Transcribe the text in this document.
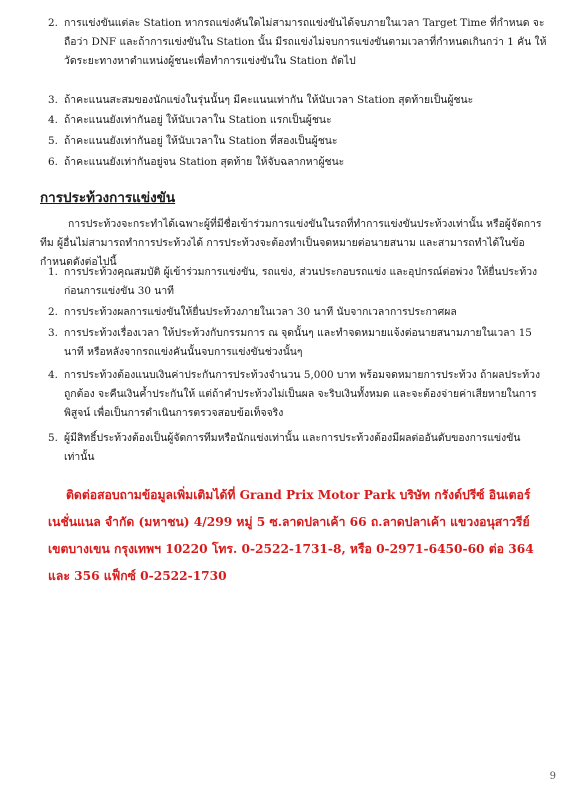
2. การแข่งขันแต่ละ Station หากรถแข่งคันใดไม่สามารถแข่งขันได้จบภายในเวลา Target Time ที่กำหนด จะถือว่า DNF และถ้าการแข่งขันใน Station นั้น มีรถแข่งไม่จบการแข่งขันตามเวลาที่กำหนดเกินกว่า 1 คัน ให้วัดระยะทางหาตำแหน่งผู้ชนะเพื่อทำการแข่งขันใน Station ถัดไป
3. ถ้าคะแนนสะสมของนักแข่งในรุ่นนั้นๆ มีคะแนนเท่ากัน ให้นับเวลา Station สุดท้ายเป็นผู้ชนะ
4. ถ้าคะแนนยังเท่ากันอยู่ ให้นับเวลาใน Station แรกเป็นผู้ชนะ
5. ถ้าคะแนนยังเท่ากันอยู่ ให้นับเวลาใน Station ที่สองเป็นผู้ชนะ
6. ถ้าคะแนนยังเท่ากันอยู่จน Station สุดท้าย ให้จับฉลากหาผู้ชนะ
การประท้วงการแข่งขัน

การประท้วงจะกระทำได้เฉพาะผู้ที่มีชื่อเข้าร่วมการแข่งขันในรถที่ทำการแข่งขันประท้วงเท่านั้น หรือผู้จัดการทีม ผู้อื่นไม่สามารถทำการประท้วงได้ การประท้วงจะต้องทำเป็นจดหมายต่อนายสนาม และสามารถทำได้ในข้อกำหนดดังต่อไปนี้

1. การประท้วงคุณสมบัติ ผู้เข้าร่วมการแข่งขัน, รถแข่ง, ส่วนประกอบรถแข่ง และอุปกรณ์ต่อพ่วง ให้ยื่นประท้วงก่อนการแข่งขัน 30 นาที
2. การประท้วงผลการแข่งขันให้ยื่นประท้วงภายในเวลา 30 นาที นับจากเวลาการประกาศผล
3. การประท้วงเรื่องเวลา ให้ประท้วงกับกรรมการ ณ จุดนั้นๆ และทำจดหมายแจ้งต่อนายสนามภายในเวลา 15 นาที หรือหลังจากรถแข่งคันนั้นจบการแข่งขันช่วงนั้นๆ
4. การประท้วงต้องแนบเงินค่าประกันการประท้วงจำนวน 5,000 บาท พร้อมจดหมายการประท้วง ถ้าผลประท้วงถูกต้อง จะคืนเงินค้ำประกันให้ แต่ถ้าคำประท้วงไม่เป็นผล จะริบเงินทั้งหมด และจะต้องจ่ายค่าเสียหายในการพิสูจน์ เพื่อเป็นการดำเนินการตรวจสอบข้อเท็จจริง
5. ผู้มีสิทธิ์ประท้วงต้องเป็นผู้จัดการทีมหรือนักแข่งเท่านั้น และการประท้วงต้องมีผลต่ออันดับของการแข่งขันเท่านั้น

ติดต่อสอบถามข้อมูลเพิ่มเติมได้ที่ Grand Prix Motor Park บริษัท กรังด์ปรีซ์ อินเตอร์เนชั่นแนล จำกัด (มหาชน) 4/299 หมู่ 5 ซ.ลาดปลาเค้า 66 ถ.ลาดปลาเค้า แขวงอนุสาวรีย์ เขตบางเขน กรุงเทพฯ 10220 โทร. 0-2522-1731-8, หรือ 0-2971-6450-60 ต่อ 364 และ 356 แฟ็กซ์ 0-2522-1730

9
